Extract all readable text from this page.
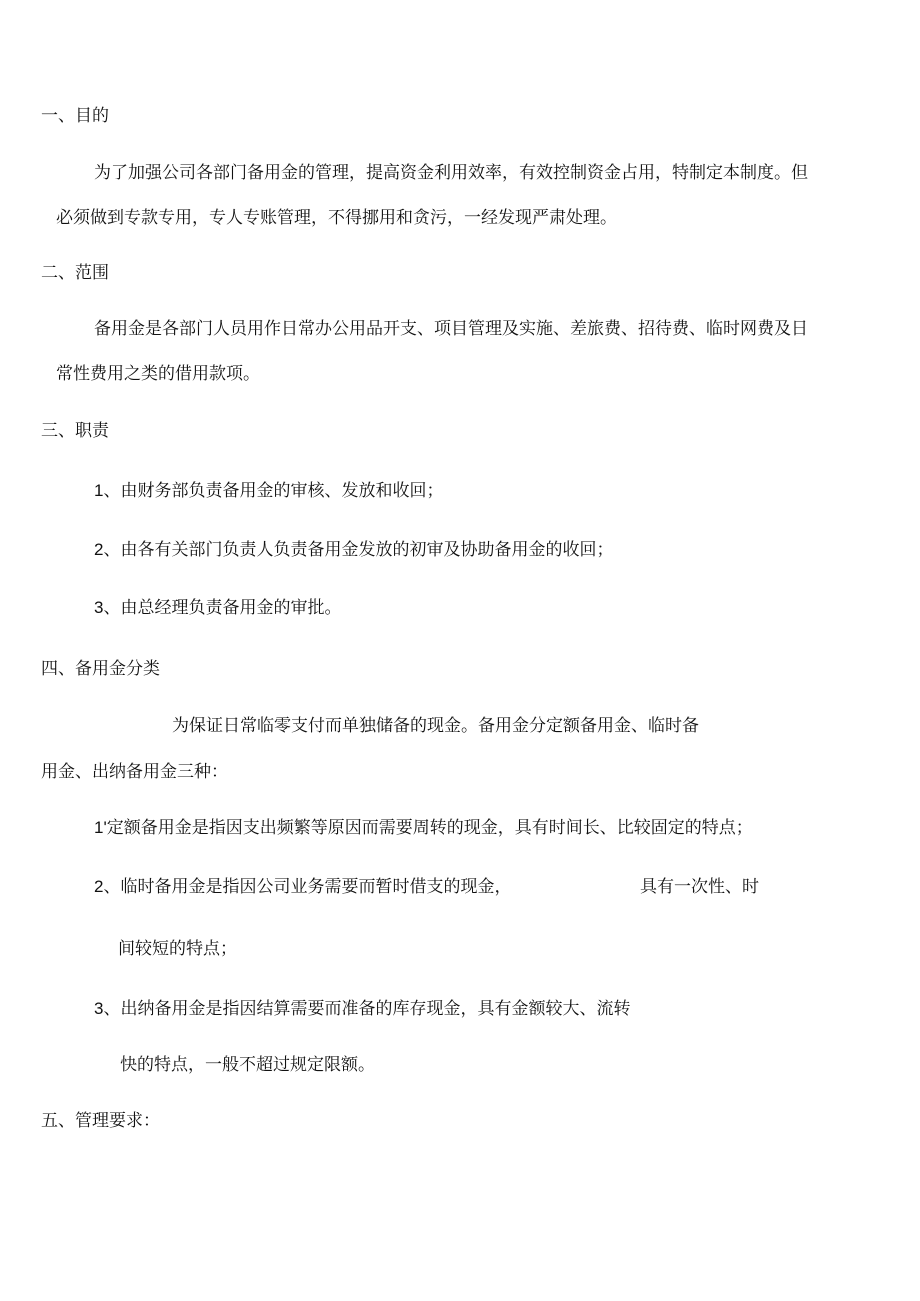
一、目的
为了加强公司各部门备用金的管理，提高资金利用效率，有效控制资金占用，特制定本制度。但
必须做到专款专用，专人专账管理，不得挪用和贪污，一经发现严肃处理。
二、范围
备用金是各部门人员用作日常办公用品开支、项目管理及实施、差旅费、招待费、临时网费及日
常性费用之类的借用款项。
三、职责
1、由财务部负责备用金的审核、发放和收回；
2、由各有关部门负责人负责备用金发放的初审及协助备用金的收回；
3、由总经理负责备用金的审批。
四、备用金分类
为保证日常临零支付而单独储备的现金。备用金分定额备用金、临时备
用金、出纳备用金三种：
1'定额备用金是指因支出频繁等原因而需要周转的现金，具有时间长、比较固定的特点；
2、临时备用金是指因公司业务需要而暂时借支的现金，	具有一次性、时
间较短的特点；
3、出纳备用金是指因结算需要而准备的库存现金，具有金额较大、流转
快的特点，一般不超过规定限额。
五、管理要求：
